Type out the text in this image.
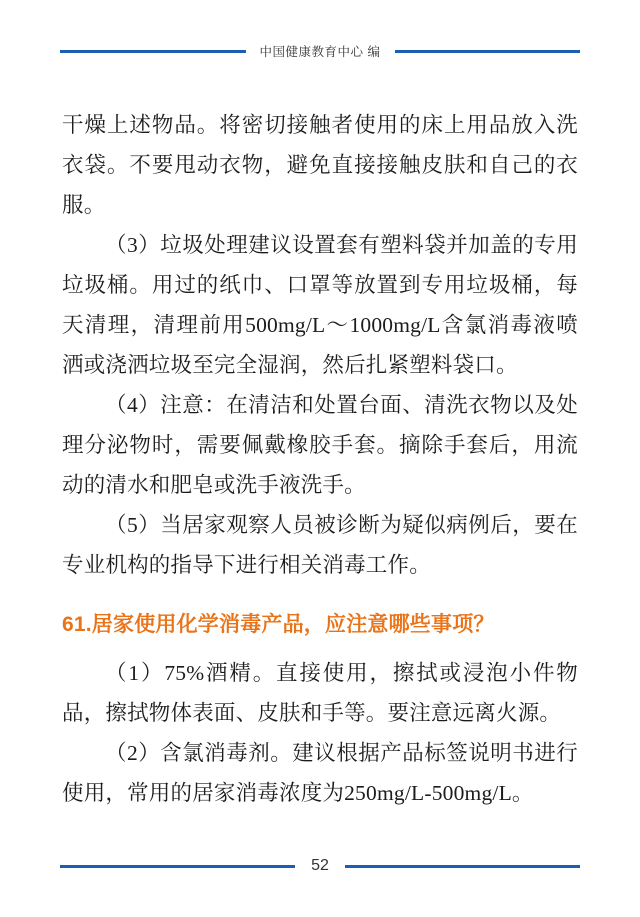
中国健康教育中心 编

干燥上述物品。将密切接触者使用的床上用品放入洗衣袋。不要甩动衣物，避免直接接触皮肤和自己的衣服。

（3）垃圾处理建议设置套有塑料袋并加盖的专用垃圾桶。用过的纸巾、口罩等放置到专用垃圾桶，每天清理，清理前用500mg/L～1000mg/L含氯消毒液喷洒或浇洒垃圾至完全湿润，然后扎紧塑料袋口。

（4）注意：在清洁和处置台面、清洗衣物以及处理分泌物时，需要佩戴橡胶手套。摘除手套后，用流动的清水和肥皂或洗手液洗手。

（5）当居家观察人员被诊断为疑似病例后，要在专业机构的指导下进行相关消毒工作。

61.居家使用化学消毒产品，应注意哪些事项？

（1）75%酒精。直接使用，擦拭或浸泡小件物品，擦拭物体表面、皮肤和手等。要注意远离火源。

（2）含氯消毒剂。建议根据产品标签说明书进行使用，常用的居家消毒浓度为250mg/L-500mg/L。

52
